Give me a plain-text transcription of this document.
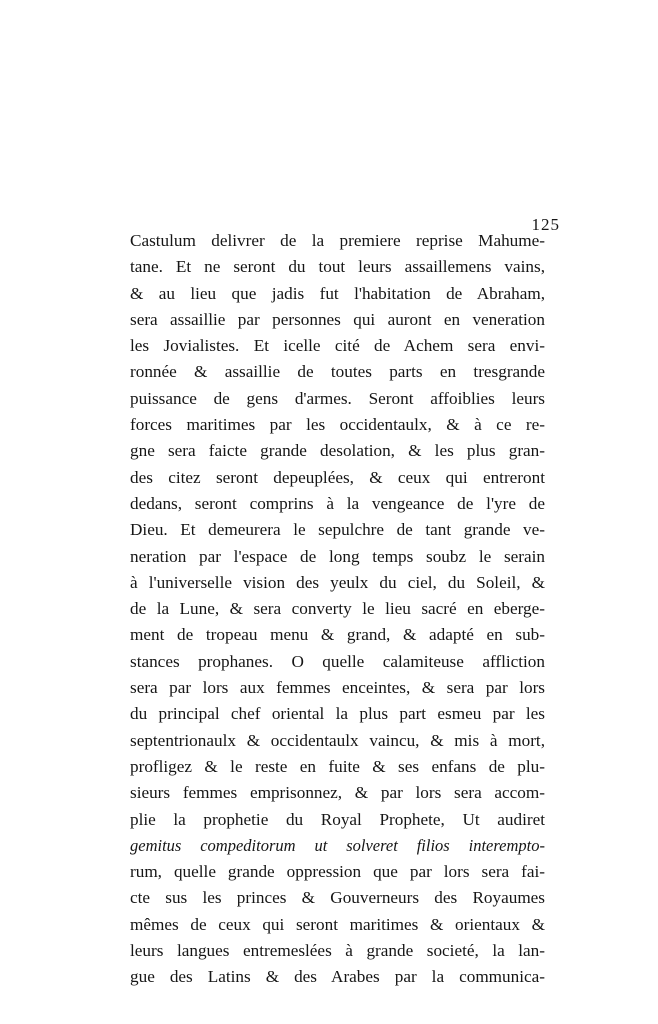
125
Castulum delivrer de la premiere reprise Mahume-
tane. Et ne seront du tout leurs assaillemens vains,
& au lieu que jadis fut l'habitation de Abraham,
sera assaillie par personnes qui auront en veneration
les Jovialistes. Et icelle cité de Achem sera envi-
ronnée & assaillie de toutes parts en tresgrande
puissance de gens d'armes. Seront affoiblies leurs
forces maritimes par les occidentaulx, & à ce re-
gne sera faicte grande desolation, & les plus gran-
des citez seront depeuplées, & ceux qui entreront
dedans, seront comprins à la vengeance de l'yre de
Dieu. Et demeurera le sepulchre de tant grande ve-
neration par l'espace de long temps soubz le serain
à l'universelle vision des yeulx du ciel, du Soleil, &
de la Lune, & sera converty le lieu sacré en eberge-
ment de tropeau menu & grand, & adapté en sub-
stances prophanes. O quelle calamiteuse affliction
sera par lors aux femmes enceintes, & sera par lors
du principal chef oriental la plus part esmeu par les
septentrionaulx & occidentaulx vaincu, & mis à mort,
profligez & le reste en fuite & ses enfans de plu-
sieurs femmes emprisonnez, & par lors sera accom-
plie la prophetie du Royal Prophete, Ut audiret
gemitus compeditorum ut solveret filios interempto-
rum, quelle grande oppression que par lors sera fai-
cte sus les princes & Gouverneurs des Royaumes
mêmes de ceux qui seront maritimes & orientaux &
leurs langues entremeslées à grande societé, la lan-
gue des Latins & des Arabes par la communica-
